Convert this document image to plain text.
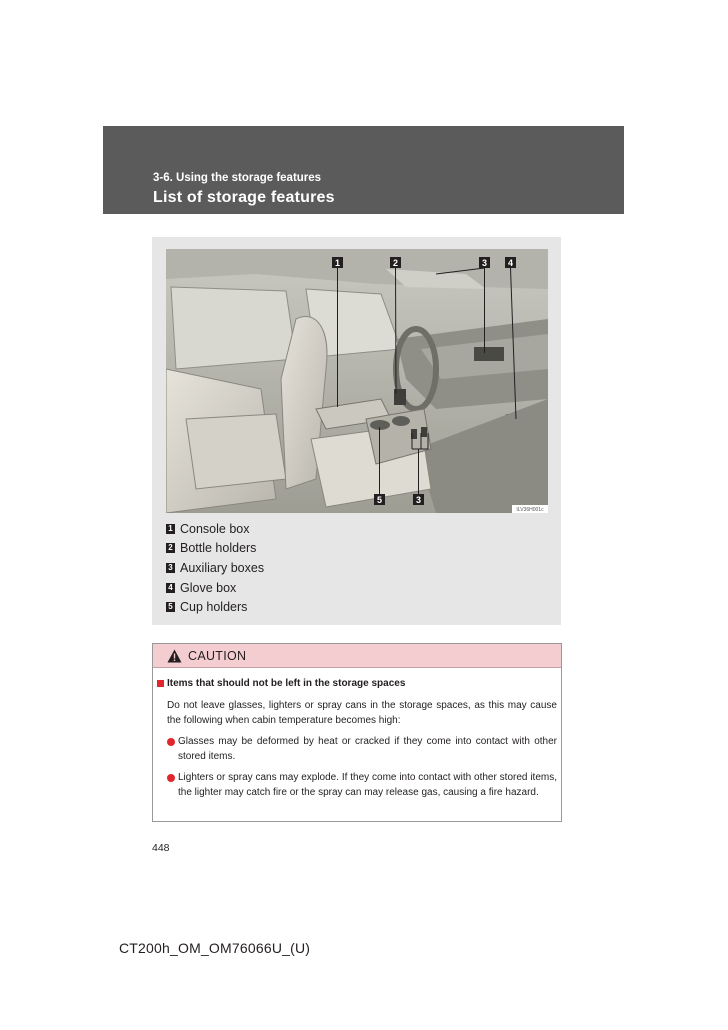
3-6. Using the storage features
List of storage features
1	2	3 4
3
5
ILV36H001c
1 Console box
2 Bottle holders
3 Auxiliary boxes
4 Glove box
5 Cup holders
CAUTION
Items that should not be left in the storage spaces
Do not leave glasses, lighters or spray cans in the storage spaces, as this may cause the following when cabin temperature becomes high:
Glasses may be deformed by heat or cracked if they come into contact with other stored items.
Lighters or spray cans may explode. If they come into contact with other stored items, the lighter may catch fire or the spray can may release gas, causing a fire hazard.
448
CT200h_OM_OM76066U_(U)
